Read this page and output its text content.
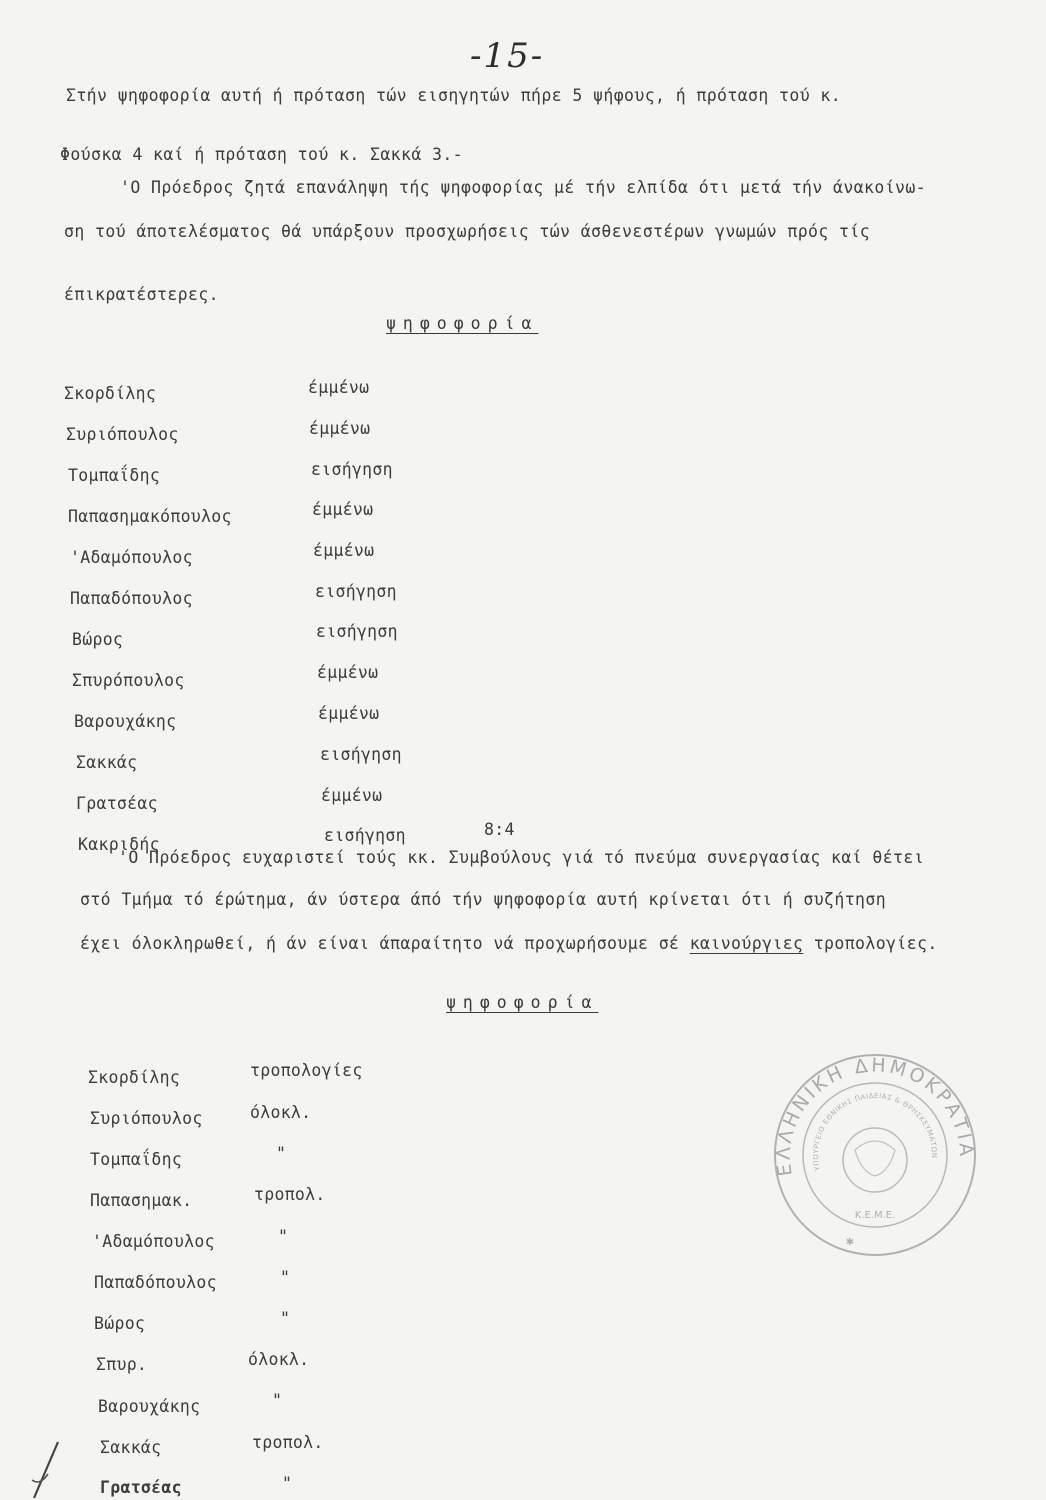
-15-
Στήν ψηφοφορία αυτή ή πρόταση τών εισηγητών πήρε 5 ψήφους, ή πρόταση τού κ.
Φούσκα 4 καί ή πρόταση τού κ. Σακκά 3.-
'Ο Πρόεδρος ζητά επανάληψη τής ψηφοφορίας μέ τήν ελπίδα ότι μετά τήν άνακοίνω-
ση τού άποτελέσματος θά υπάρξουν προσχωρήσεις τών άσθενεστέρων γνωμών πρός τίς
έπικρατέστερες.
ψηφοφορία
Σκορδίλης	έμμένω
Συριόπουλος	έμμένω
Τομπαΐδης	εισήγηση
Παπασημακόπουλος	έμμένω
'Αδαμόπουλος	έμμένω
Παπαδόπουλος	εισήγηση
Βώρος	εισήγηση
Σπυρόπουλος	έμμένω
Βαρουχάκης	έμμένω
Σακκάς	εισήγηση
Γρατσέας	έμμένω
Κακριδής	εισήγηση	8:4
'Ο Πρόεδρος ευχαριστεί τούς κκ. Συμβούλους γιά τό πνεύμα συνεργασίας καί θέτει
στό Τμήμα τό έρώτημα, άν ύστερα άπό τήν ψηφοφορία αυτή κρίνεται ότι ή συζήτηση
έχει όλοκληρωθεί, ή άν είναι άπαραίτητο νά προχωρήσουμε σέ καινούργιες τροπολογίες.
ψηφοφορία
Σκορδίλης	τροπολογίες
Συριόπουλος	όλοκλ.
Τομπαΐδης	"
Παπασημακ.	τροπολ.
'Αδαμόπουλος	"
Παπαδόπουλος	"
Βώρος	"
Σπυρ.	όλοκλ.
Βαρουχάκης	"
Σακκάς	τροπολ.
Γρατσέας	"
ΕΛΛΗΝΙΚΗ ΔΗΜΟΚΡΑΤΙΑ
ΥΠΟΥΡΓΕΙΟ ΕΘΝΙΚΗΣ ΠΑΙΔΕΙΑΣ & ΘΡΗΣΚΕΥΜΑΤΩΝ
Κ.Ε.Μ.Ε.
✱
